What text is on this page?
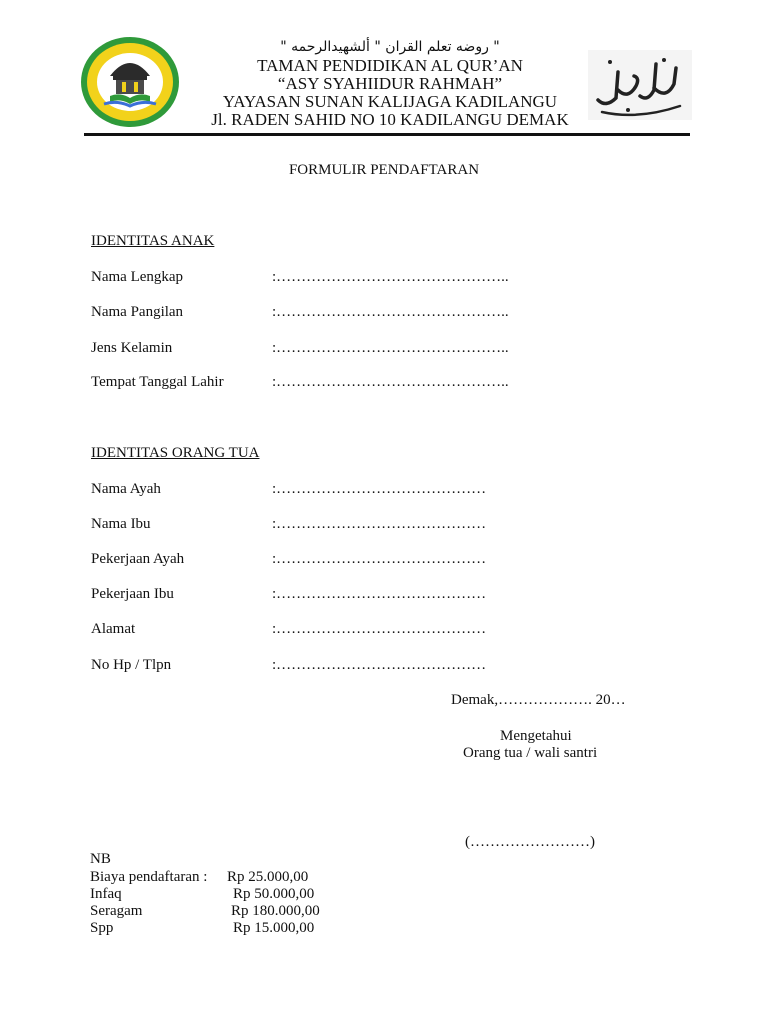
" روضه تعلم القران " ألشهيدالرحمه "
TAMAN PENDIDIKAN AL QUR’AN
“ASY SYAHIIDUR RAHMAH”
YAYASAN SUNAN KALIJAGA KADILANGU
Jl. RADEN SAHID NO 10 KADILANGU DEMAK
FORMULIR PENDAFTARAN
IDENTITAS ANAK
Nama Lengkap	:………………………………………..
Nama Pangilan	:………………………………………..
Jens Kelamin	:………………………………………..
Tempat Tanggal Lahir	:………………………………………..
IDENTITAS ORANG TUA
Nama Ayah	:……………………………………
Nama Ibu	:……………………………………
Pekerjaan Ayah	:……………………………………
Pekerjaan Ibu	:……………………………………
Alamat	:……………………………………
No Hp / Tlpn	:……………………………………
Demak,………………. 20…
Mengetahui
Orang tua / wali santri
(……………………)
NB
Biaya pendaftaran : Rp 25.000,00
Infaq	Rp 50.000,00
Seragam	Rp 180.000,00
Spp	Rp 15.000,00
